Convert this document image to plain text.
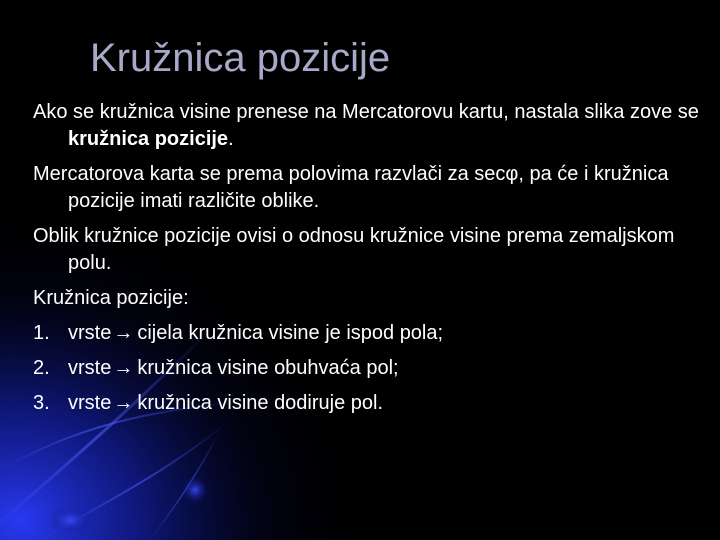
Kružnica pozicije

Ako se kružnica visine prenese na Mercatorovu kartu, nastala slika zove se kružnica pozicije.

Mercatorova karta se prema polovima razvlači za secφ, pa će i kružnica pozicije imati različite oblike.

Oblik kružnice pozicije ovisi o odnosu kružnice visine prema zemaljskom polu.

Kružnica pozicije:

1. vrste → cijela kružnica visine je ispod pola;
2. vrste → kružnica visine obuhvaća pol;
3. vrste → kružnica visine dodiruje pol.
